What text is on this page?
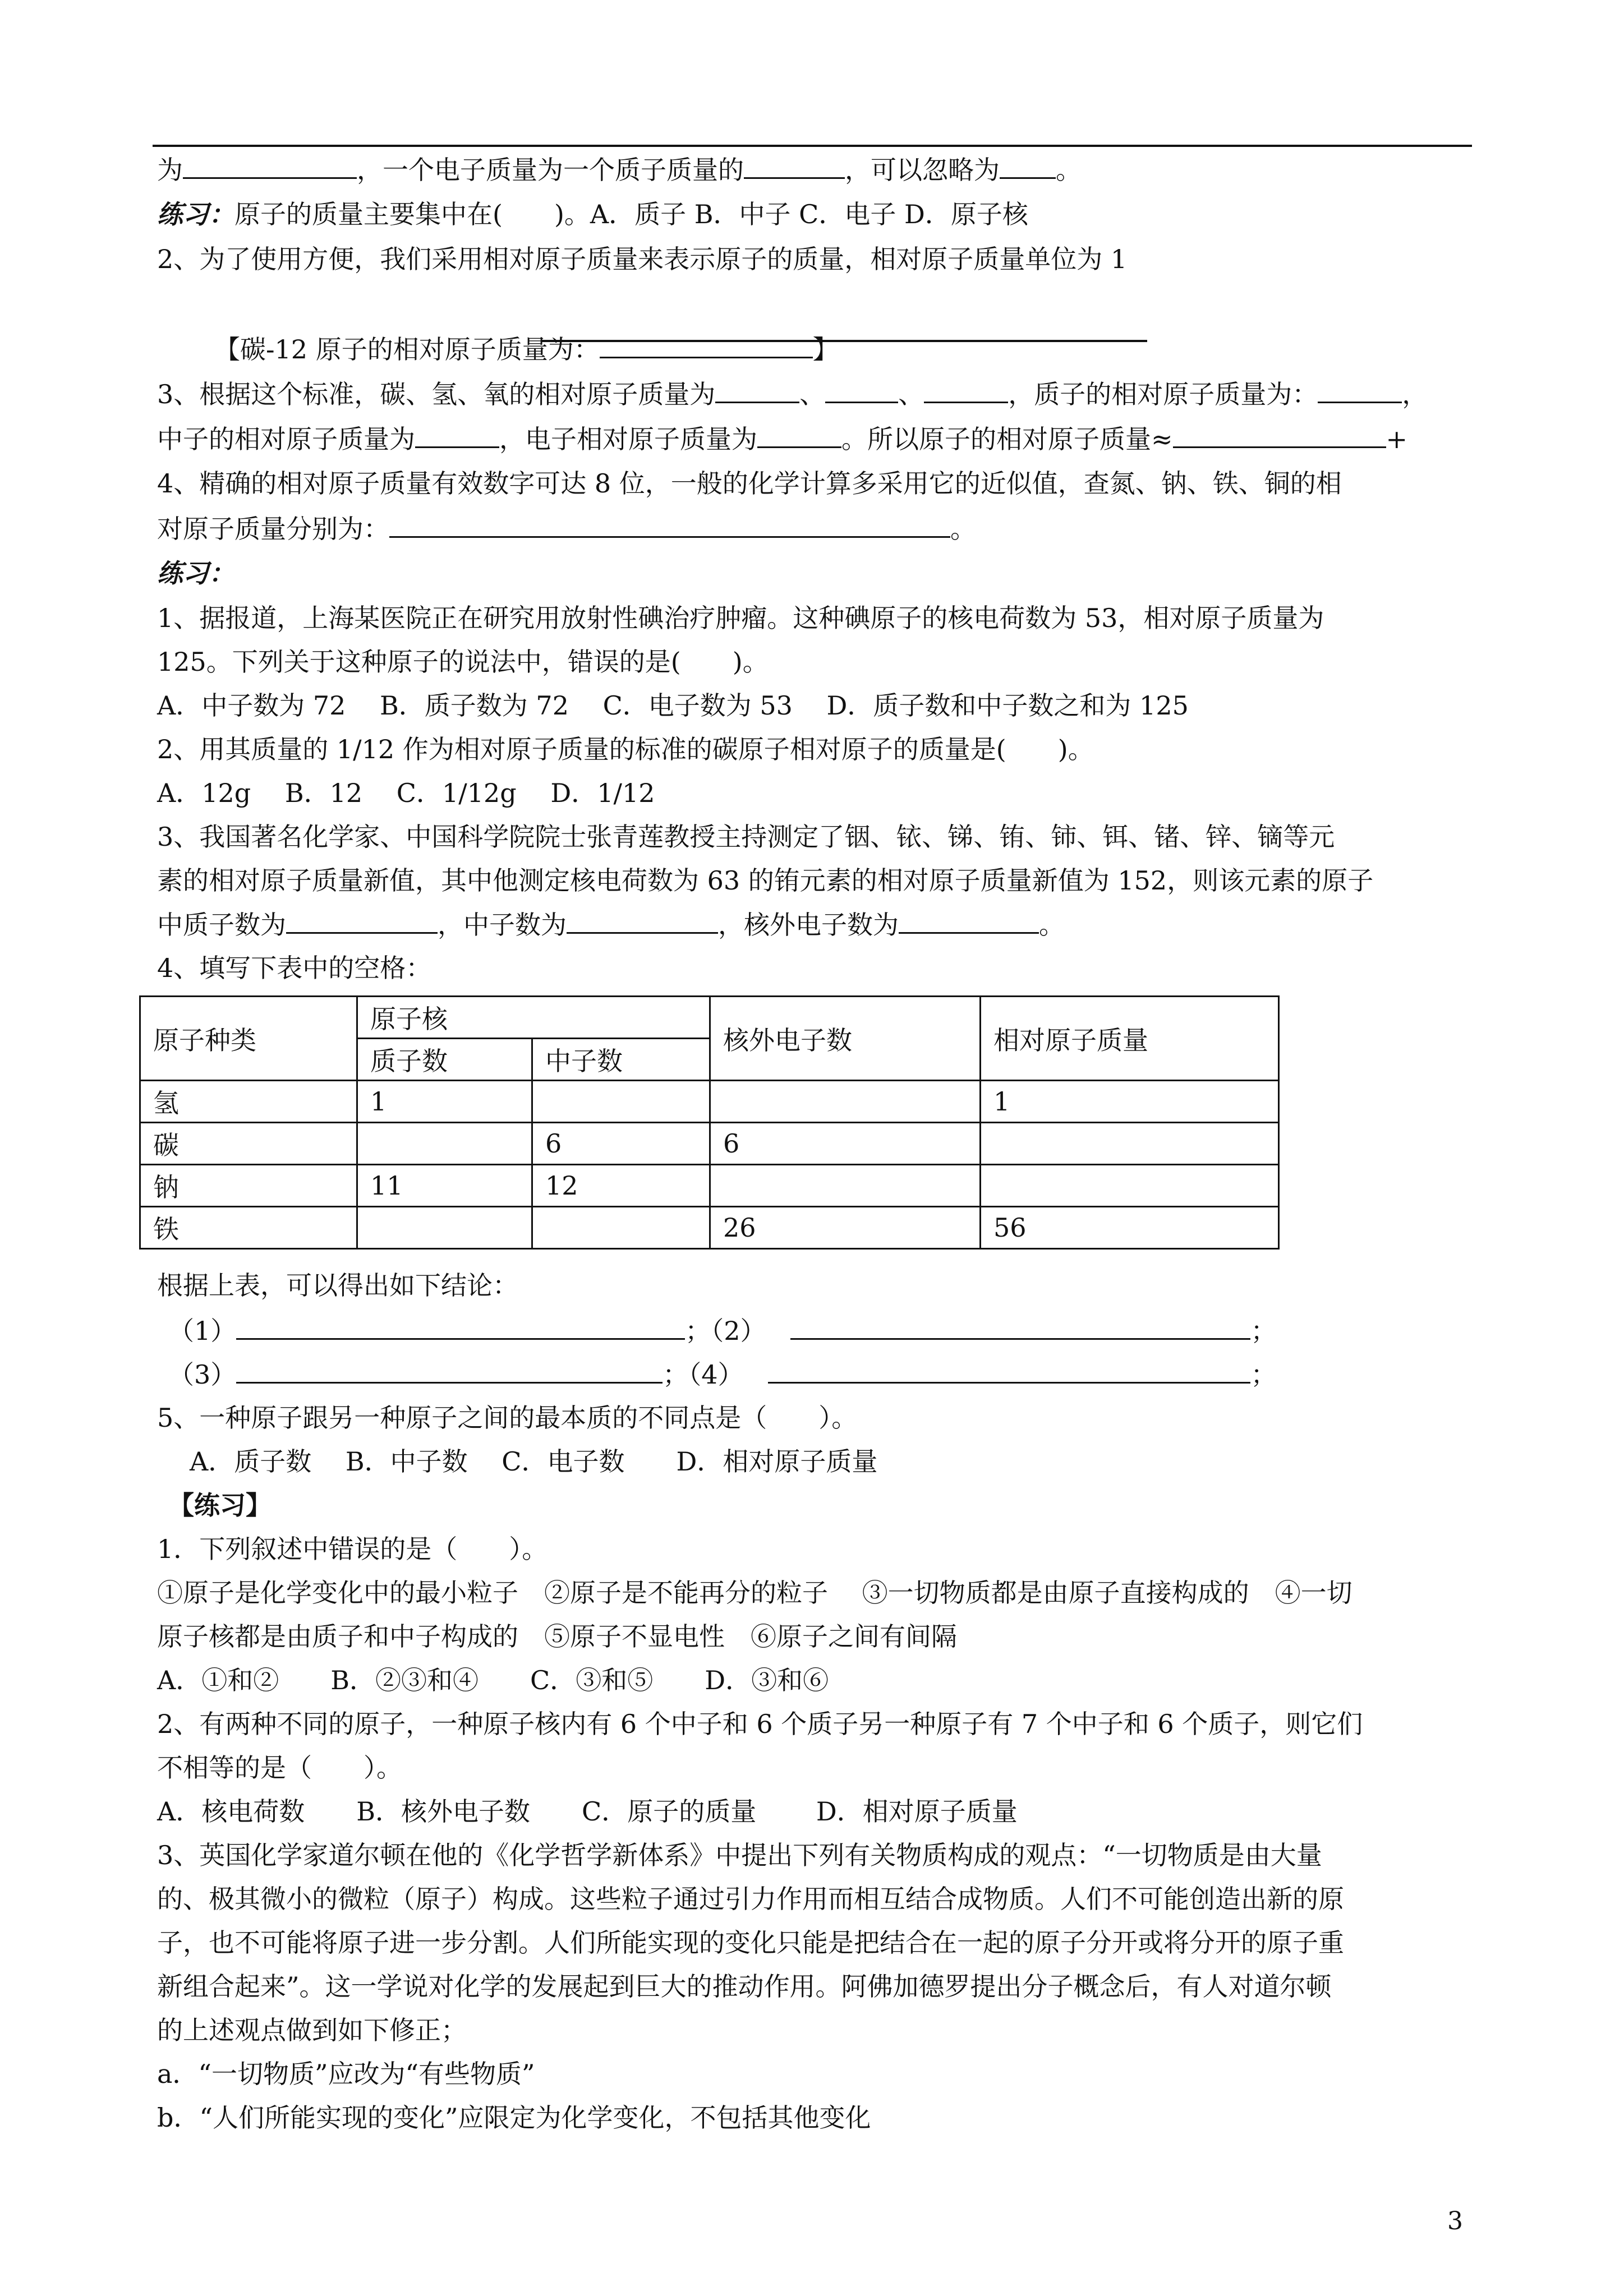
为	，一个电子质量为一个质子质量的	，可以忽略为 。
练习：原子的质量主要集中在(　　)。A．质子 B．中子 C．电子 D．原子核
2、为了使用方便，我们采用相对原子质量来表示原子的质量，相对原子质量单位为 1
【碳-12 原子的相对原子质量为：	】
3、根据这个标准，碳、氢、氧的相对原子质量为	、	、	，质子的相对原子质量为：	，
中子的相对原子质量为	，电子相对原子质量为	。所以原子的相对原子质量≈	+
4、精确的相对原子质量有效数字可达 8 位，一般的化学计算多采用它的近似值，查氮、钠、铁、铜的相
对原子质量分别为：	。
练习：
1、据报道，上海某医院正在研究用放射性碘治疗肿瘤。这种碘原子的核电荷数为 53，相对原子质量为
125。下列关于这种原子的说法中，错误的是(　　)。
A．中子数为 72　 B．质子数为 72　 C．电子数为 53　 D．质子数和中子数之和为 125
2、用其质量的 1/12 作为相对原子质量的标准的碳原子相对原子的质量是(　　)。
A．12g　 B．12　 C．1/12g　 D．1/12
3、我国著名化学家、中国科学院院士张青莲教授主持测定了铟、铱、锑、铕、铈、铒、锗、锌、镝等元
素的相对原子质量新值，其中他测定核电荷数为 63 的铕元素的相对原子质量新值为 152，则该元素的原子
中质子数为	，中子数为	，核外电子数为	。
4、填写下表中的空格：
原子种类	原子核		核外电子数	相对原子质量
	质子数	中子数		
氢	1			1
碳		6	6	
钠	11	12		
铁			26	56
根据上表，可以得出如下结论：
（1）	；（2）	；
（3）	；（4）	；
5、一种原子跟另一种原子之间的最本质的不同点是（　　）。
A．质子数　 B．中子数　 C．电子数　　D．相对原子质量
【练习】
1．下列叙述中错误的是（　　）。
①原子是化学变化中的最小粒子　②原子是不能再分的粒子　 ③一切物质都是由原子直接构成的　④一切
原子核都是由质子和中子构成的　⑤原子不显电性　⑥原子之间有间隔
A．①和②　　B．②③和④　　C．③和⑤　　D．③和⑥
2、有两种不同的原子，一种原子核内有 6 个中子和 6 个质子另一种原子有 7 个中子和 6 个质子，则它们
不相等的是（　　）。
A．核电荷数　　B．核外电子数　　C．原子的质量　　 D．相对原子质量
3、英国化学家道尔顿在他的《化学哲学新体系》中提出下列有关物质构成的观点：“一切物质是由大量
的、极其微小的微粒（原子）构成。这些粒子通过引力作用而相互结合成物质。人们不可能创造出新的原
子，也不可能将原子进一步分割。人们所能实现的变化只能是把结合在一起的原子分开或将分开的原子重
新组合起来”。这一学说对化学的发展起到巨大的推动作用。阿佛加德罗提出分子概念后，有人对道尔顿
的上述观点做到如下修正；
a．“一切物质”应改为“有些物质”
b．“人们所能实现的变化”应限定为化学变化，不包括其他变化
3
